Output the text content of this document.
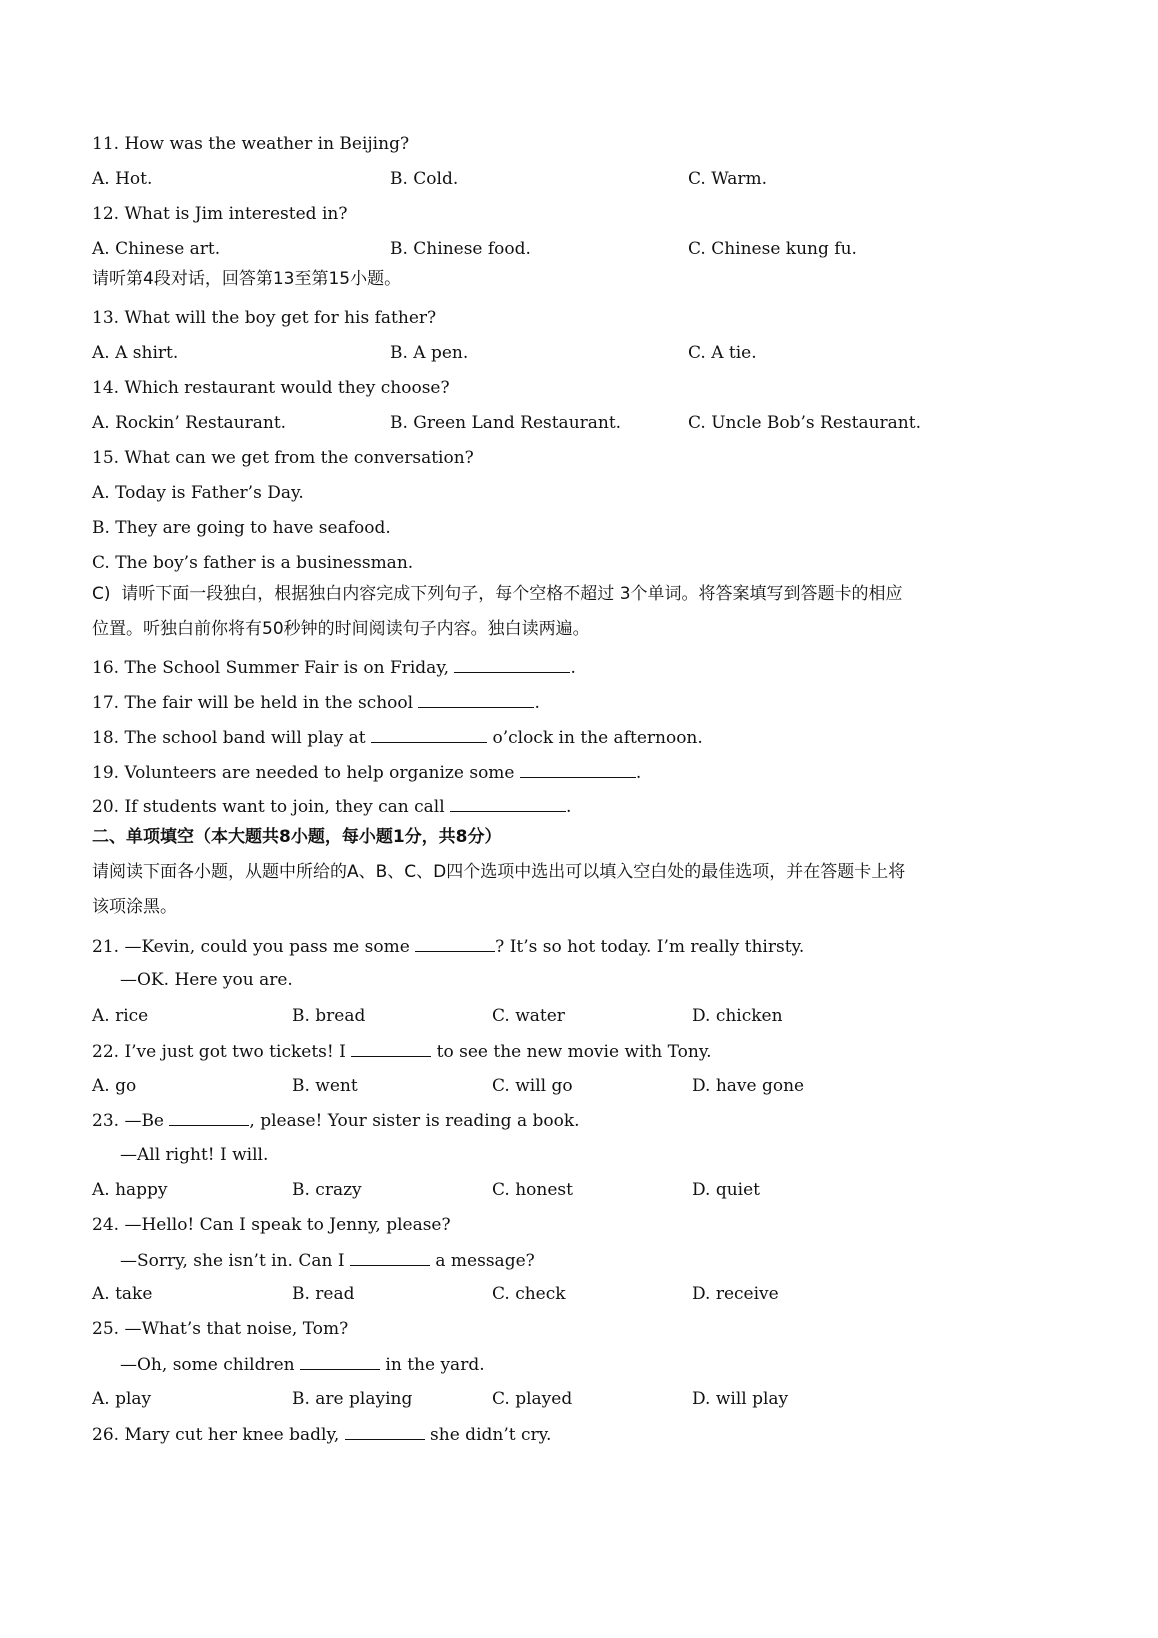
11. How was the weather in Beijing?
A. Hot.	B. Cold.	C. Warm.
12. What is Jim interested in?
A. Chinese art.	B. Chinese food.	C. Chinese kung fu.
请听第4段对话，回答第13至第15小题。
13. What will the boy get for his father?
A. A shirt.	B. A pen.	C. A tie.
14. Which restaurant would they choose?
A. Rockin’ Restaurant.	B. Green Land Restaurant.	C. Uncle Bob’s Restaurant.
15. What can we get from the conversation?
A. Today is Father’s Day.
B. They are going to have seafood.
C. The boy’s father is a businessman.
C)  请听下面一段独白，根据独白内容完成下列句子，每个空格不超过 3个单词。将答案填写到答题卡的相应
位置。听独白前你将有50秒钟的时间阅读句子内容。独白读两遍。
16. The School Summer Fair is on Friday,	.
17. The fair will be held in the school	.
18. The school band will play at	o’clock in the afternoon.
19. Volunteers are needed to help organize some	.
20. If students want to join, they can call	.
二、单项填空（本大题共8小题，每小题1分，共8分）
请阅读下面各小题，从题中所给的A、B、C、D四个选项中选出可以填入空白处的最佳选项，并在答题卡上将
该项涂黑。
21. —Kevin, could you pass me some	? It’s so hot today. I’m really thirsty.
—OK. Here you are.
A. rice	B. bread	C. water	D. chicken
22. I’ve just got two tickets! I	to see the new movie with Tony.
A. go	B. went	C. will go	D. have gone
23. —Be	, please! Your sister is reading a book.
—All right! I will.
A. happy	B. crazy	C. honest	D. quiet
24. —Hello! Can I speak to Jenny, please?
—Sorry, she isn’t in. Can I	a message?
A. take	B. read	C. check	D. receive
25. —What’s that noise, Tom?
—Oh, some children	in the yard.
A. play	B. are playing	C. played	D. will play
26. Mary cut her knee badly,	she didn’t cry.
